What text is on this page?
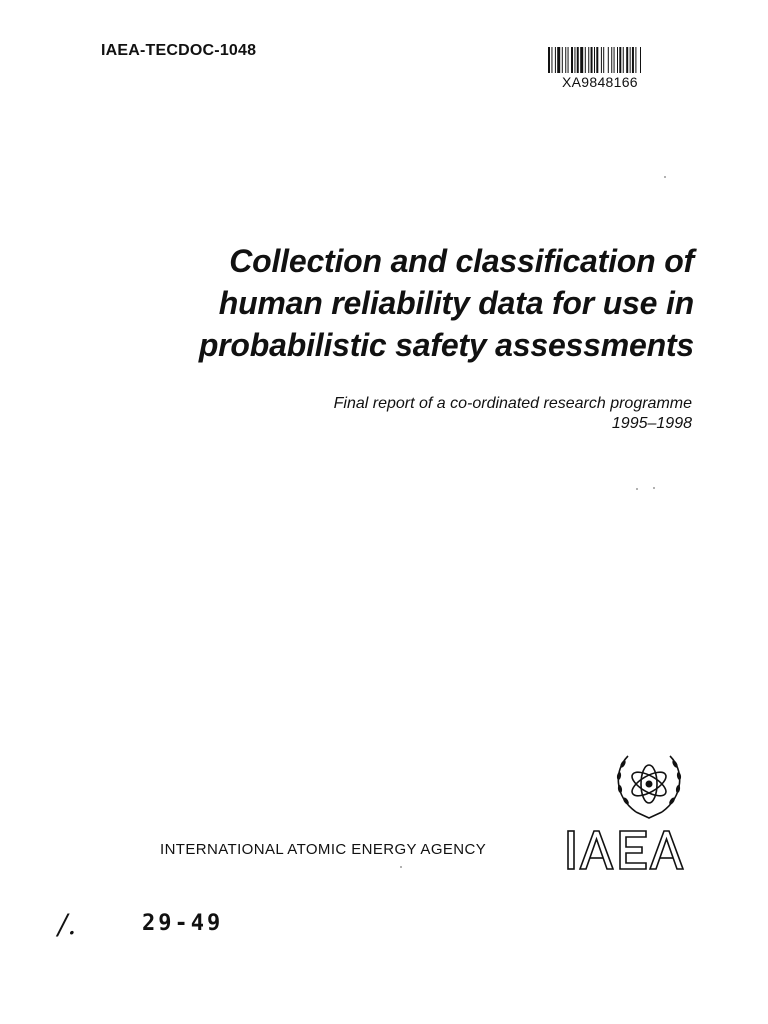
IAEA-TECDOC-1048
XA9848166
Collection and classification of
human reliability data for use in
probabilistic safety assessments
Final report of a co-ordinated research programme
1995–1998
INTERNATIONAL ATOMIC ENERGY AGENCY
/.	29-49
